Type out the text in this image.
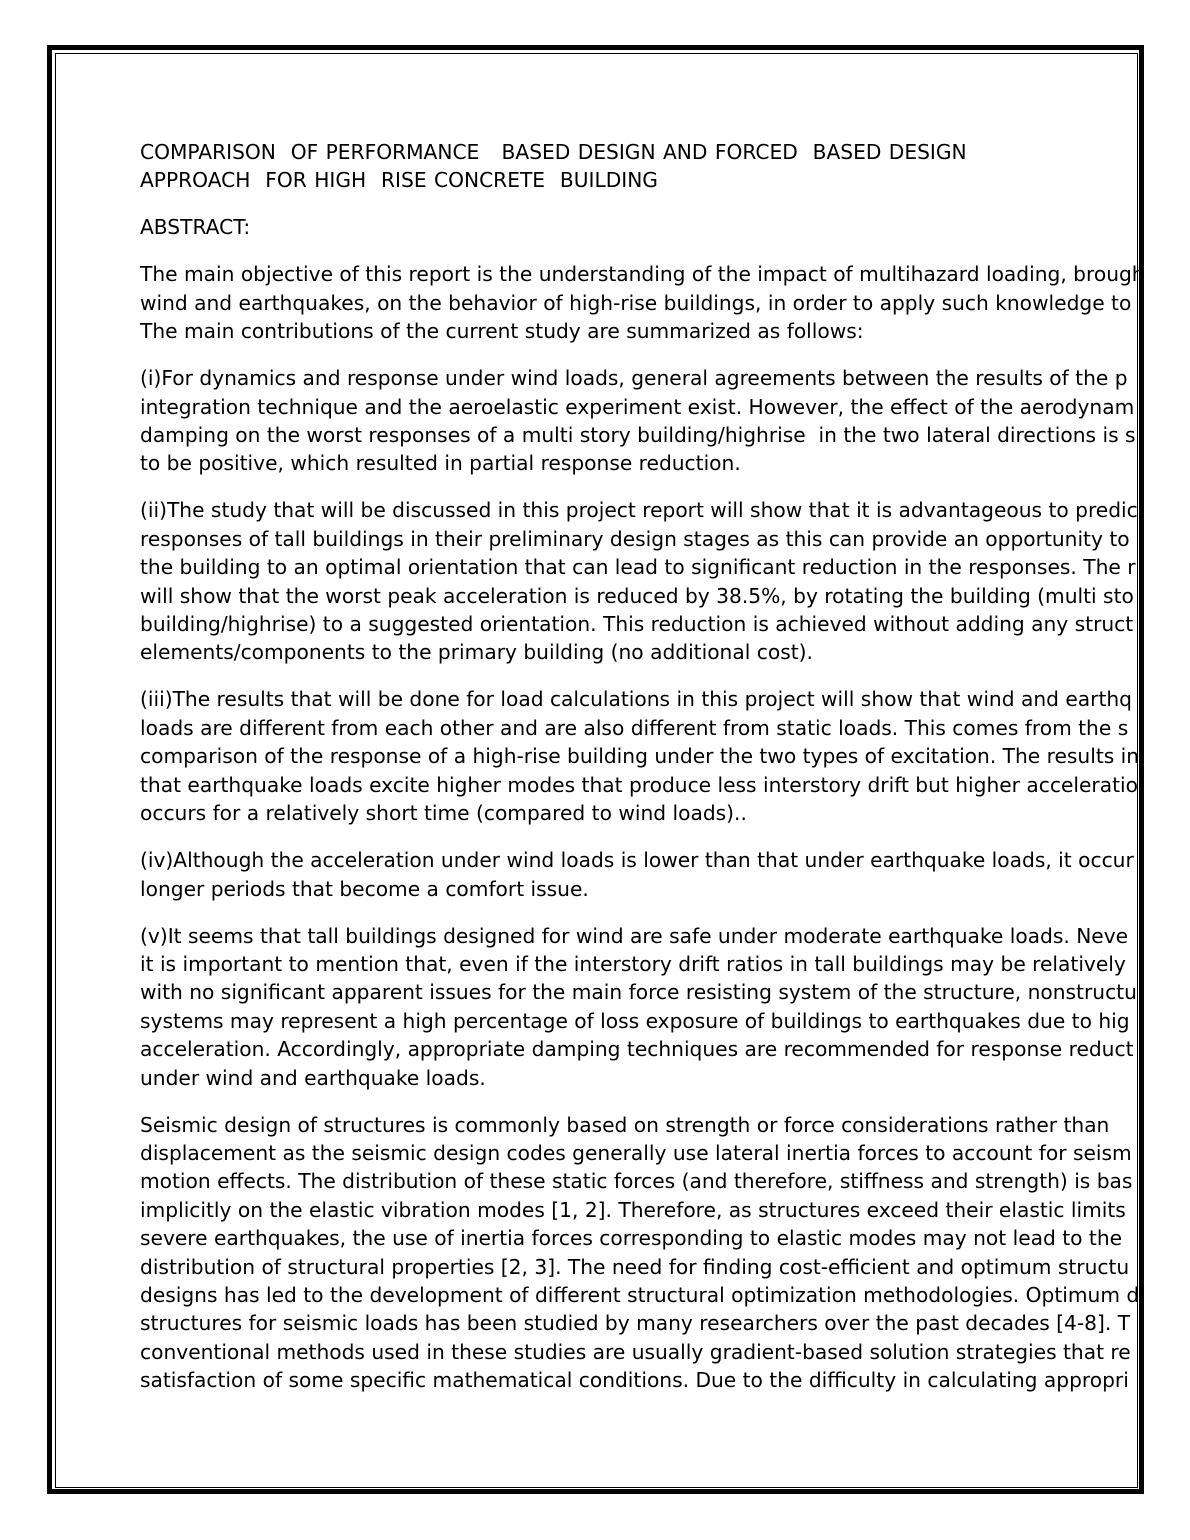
COMPARISON  OF PERFORMANCE   BASED DESIGN AND FORCED  BASED DESIGN
APPROACH  FOR HIGH  RISE CONCRETE  BUILDING
ABSTRACT:

The main objective of this report is the understanding of the impact of multihazard loading, brough
wind and earthquakes, on the behavior of high-rise buildings, in order to apply such knowledge to
The main contributions of the current study are summarized as follows:

(i)For dynamics and response under wind loads, general agreements between the results of the p
integration technique and the aeroelastic experiment exist. However, the effect of the aerodynam
damping on the worst responses of a multi story building/highrise  in the two lateral directions is s
to be positive, which resulted in partial response reduction.

(ii)The study that will be discussed in this project report will show that it is advantageous to predic
responses of tall buildings in their preliminary design stages as this can provide an opportunity to
the building to an optimal orientation that can lead to significant reduction in the responses. The r
will show that the worst peak acceleration is reduced by 38.5%, by rotating the building (multi sto
building/highrise) to a suggested orientation. This reduction is achieved without adding any struct
elements/components to the primary building (no additional cost).

(iii)The results that will be done for load calculations in this project will show that wind and earthq
loads are different from each other and are also different from static loads. This comes from the s
comparison of the response of a high-rise building under the two types of excitation. The results in
that earthquake loads excite higher modes that produce less interstory drift but higher acceleratio
occurs for a relatively short time (compared to wind loads)..

(iv)Although the acceleration under wind loads is lower than that under earthquake loads, it occur
longer periods that become a comfort issue.

(v)It seems that tall buildings designed for wind are safe under moderate earthquake loads. Neve
it is important to mention that, even if the interstory drift ratios in tall buildings may be relatively
with no significant apparent issues for the main force resisting system of the structure, nonstructu
systems may represent a high percentage of loss exposure of buildings to earthquakes due to hig
acceleration. Accordingly, appropriate damping techniques are recommended for response reduct
under wind and earthquake loads.

Seismic design of structures is commonly based on strength or force considerations rather than
displacement as the seismic design codes generally use lateral inertia forces to account for seism
motion effects. The distribution of these static forces (and therefore, stiffness and strength) is bas
implicitly on the elastic vibration modes [1, 2]. Therefore, as structures exceed their elastic limits
severe earthquakes, the use of inertia forces corresponding to elastic modes may not lead to the
distribution of structural properties [2, 3]. The need for finding cost-efficient and optimum structu
designs has led to the development of different structural optimization methodologies. Optimum d
structures for seismic loads has been studied by many researchers over the past decades [4-8]. T
conventional methods used in these studies are usually gradient-based solution strategies that re
satisfaction of some specific mathematical conditions. Due to the difficulty in calculating appropri
